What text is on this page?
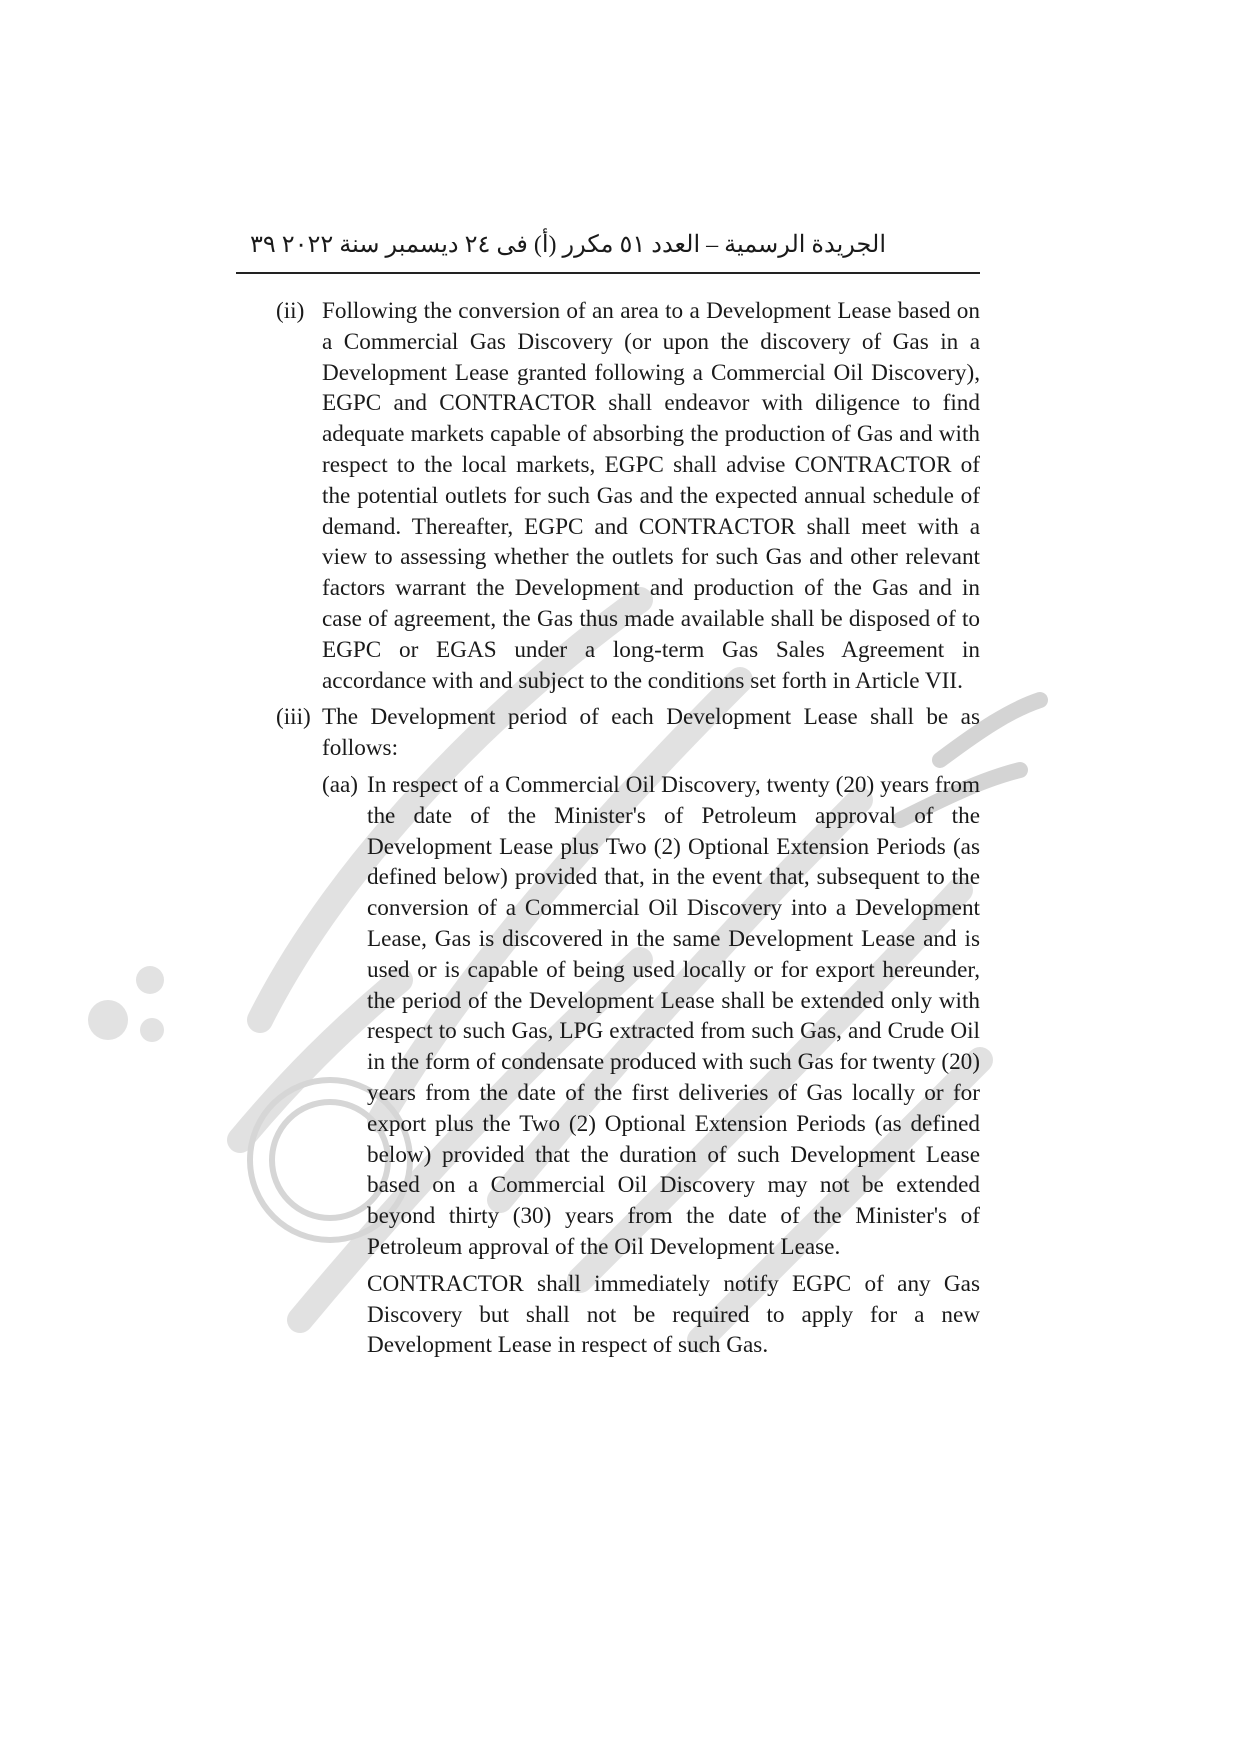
٣٩ الجريدة الرسمية – العدد ٥١ مكرر (أ) فى ٢٤ ديسمبر سنة ٢٠٢٢
(ii) Following the conversion of an area to a Development Lease based on a Commercial Gas Discovery (or upon the discovery of Gas in a Development Lease granted following a Commercial Oil Discovery), EGPC and CONTRACTOR shall endeavor with diligence to find adequate markets capable of absorbing the production of Gas and with respect to the local markets, EGPC shall advise CONTRACTOR of the potential outlets for such Gas and the expected annual schedule of demand. Thereafter, EGPC and CONTRACTOR shall meet with a view to assessing whether the outlets for such Gas and other relevant factors warrant the Development and production of the Gas and in case of agreement, the Gas thus made available shall be disposed of to EGPC or EGAS under a long-term Gas Sales Agreement in accordance with and subject to the conditions set forth in Article VII.

(iii) The Development period of each Development Lease shall be as follows:

(aa) In respect of a Commercial Oil Discovery, twenty (20) years from the date of the Minister's of Petroleum approval of the Development Lease plus Two (2) Optional Extension Periods (as defined below) provided that, in the event that, subsequent to the conversion of a Commercial Oil Discovery into a Development Lease, Gas is discovered in the same Development Lease and is used or is capable of being used locally or for export hereunder, the period of the Development Lease shall be extended only with respect to such Gas, LPG extracted from such Gas, and Crude Oil in the form of condensate produced with such Gas for twenty (20) years from the date of the first deliveries of Gas locally or for export plus the Two (2) Optional Extension Periods (as defined below) provided that the duration of such Development Lease based on a Commercial Oil Discovery may not be extended beyond thirty (30) years from the date of the Minister's of Petroleum approval of the Oil Development Lease.

CONTRACTOR shall immediately notify EGPC of any Gas Discovery but shall not be required to apply for a new Development Lease in respect of such Gas.
